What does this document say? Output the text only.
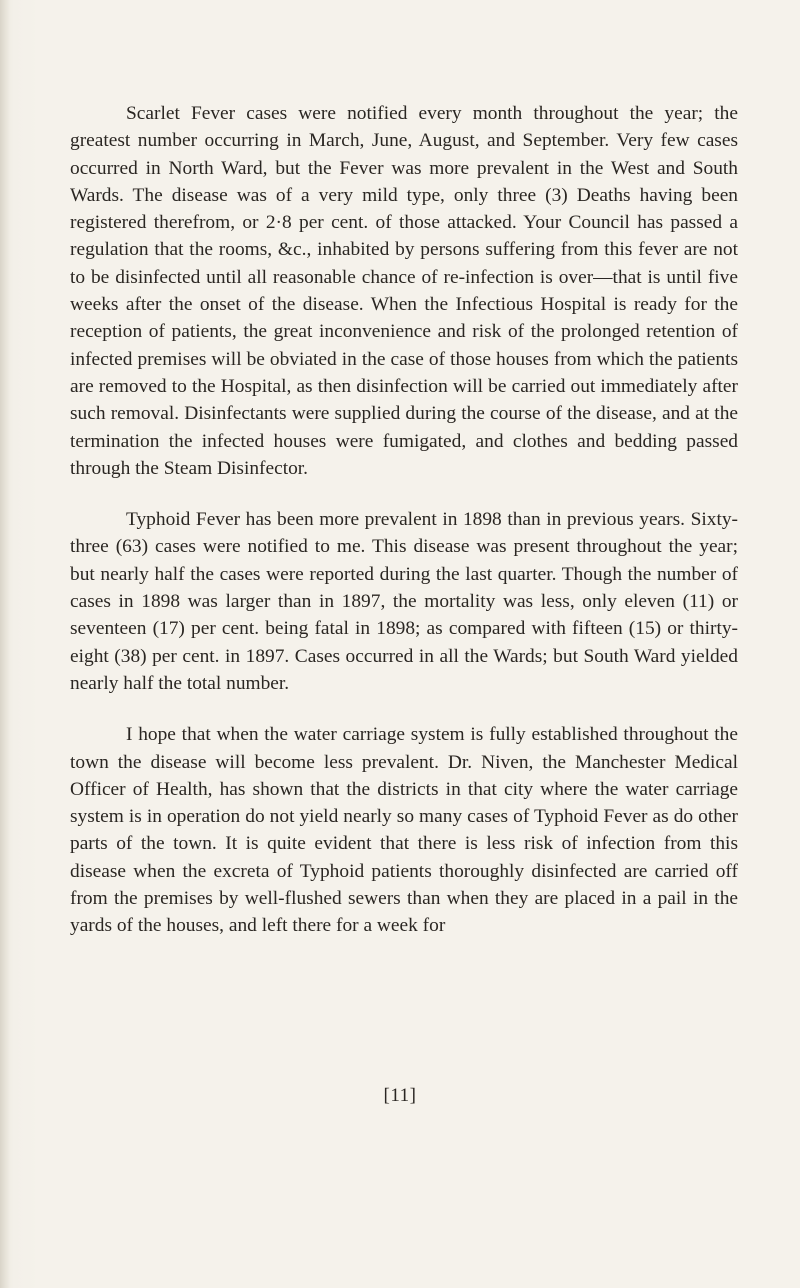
Scarlet Fever cases were notified every month throughout the year; the greatest number occurring in March, June, August, and September. Very few cases occurred in North Ward, but the Fever was more prevalent in the West and South Wards. The disease was of a very mild type, only three (3) Deaths having been registered therefrom, or 2·8 per cent. of those attacked. Your Council has passed a regulation that the rooms, &c., inhabited by persons suffering from this fever are not to be disinfected until all reasonable chance of re-infection is over—that is until five weeks after the onset of the disease. When the Infectious Hospital is ready for the reception of patients, the great inconvenience and risk of the prolonged retention of infected premises will be obviated in the case of those houses from which the patients are removed to the Hospital, as then disinfection will be carried out immediately after such removal. Disinfectants were supplied during the course of the disease, and at the termination the infected houses were fumigated, and clothes and bedding passed through the Steam Disinfector.

Typhoid Fever has been more prevalent in 1898 than in previous years. Sixty-three (63) cases were notified to me. This disease was present throughout the year; but nearly half the cases were reported during the last quarter. Though the number of cases in 1898 was larger than in 1897, the mortality was less, only eleven (11) or seventeen (17) per cent. being fatal in 1898; as compared with fifteen (15) or thirty-eight (38) per cent. in 1897. Cases occurred in all the Wards; but South Ward yielded nearly half the total number.

I hope that when the water carriage system is fully established throughout the town the disease will become less prevalent. Dr. Niven, the Manchester Medical Officer of Health, has shown that the districts in that city where the water carriage system is in operation do not yield nearly so many cases of Typhoid Fever as do other parts of the town. It is quite evident that there is less risk of infection from this disease when the excreta of Typhoid patients thoroughly disinfected are carried off from the premises by well-flushed sewers than when they are placed in a pail in the yards of the houses, and left there for a week for

[11]
